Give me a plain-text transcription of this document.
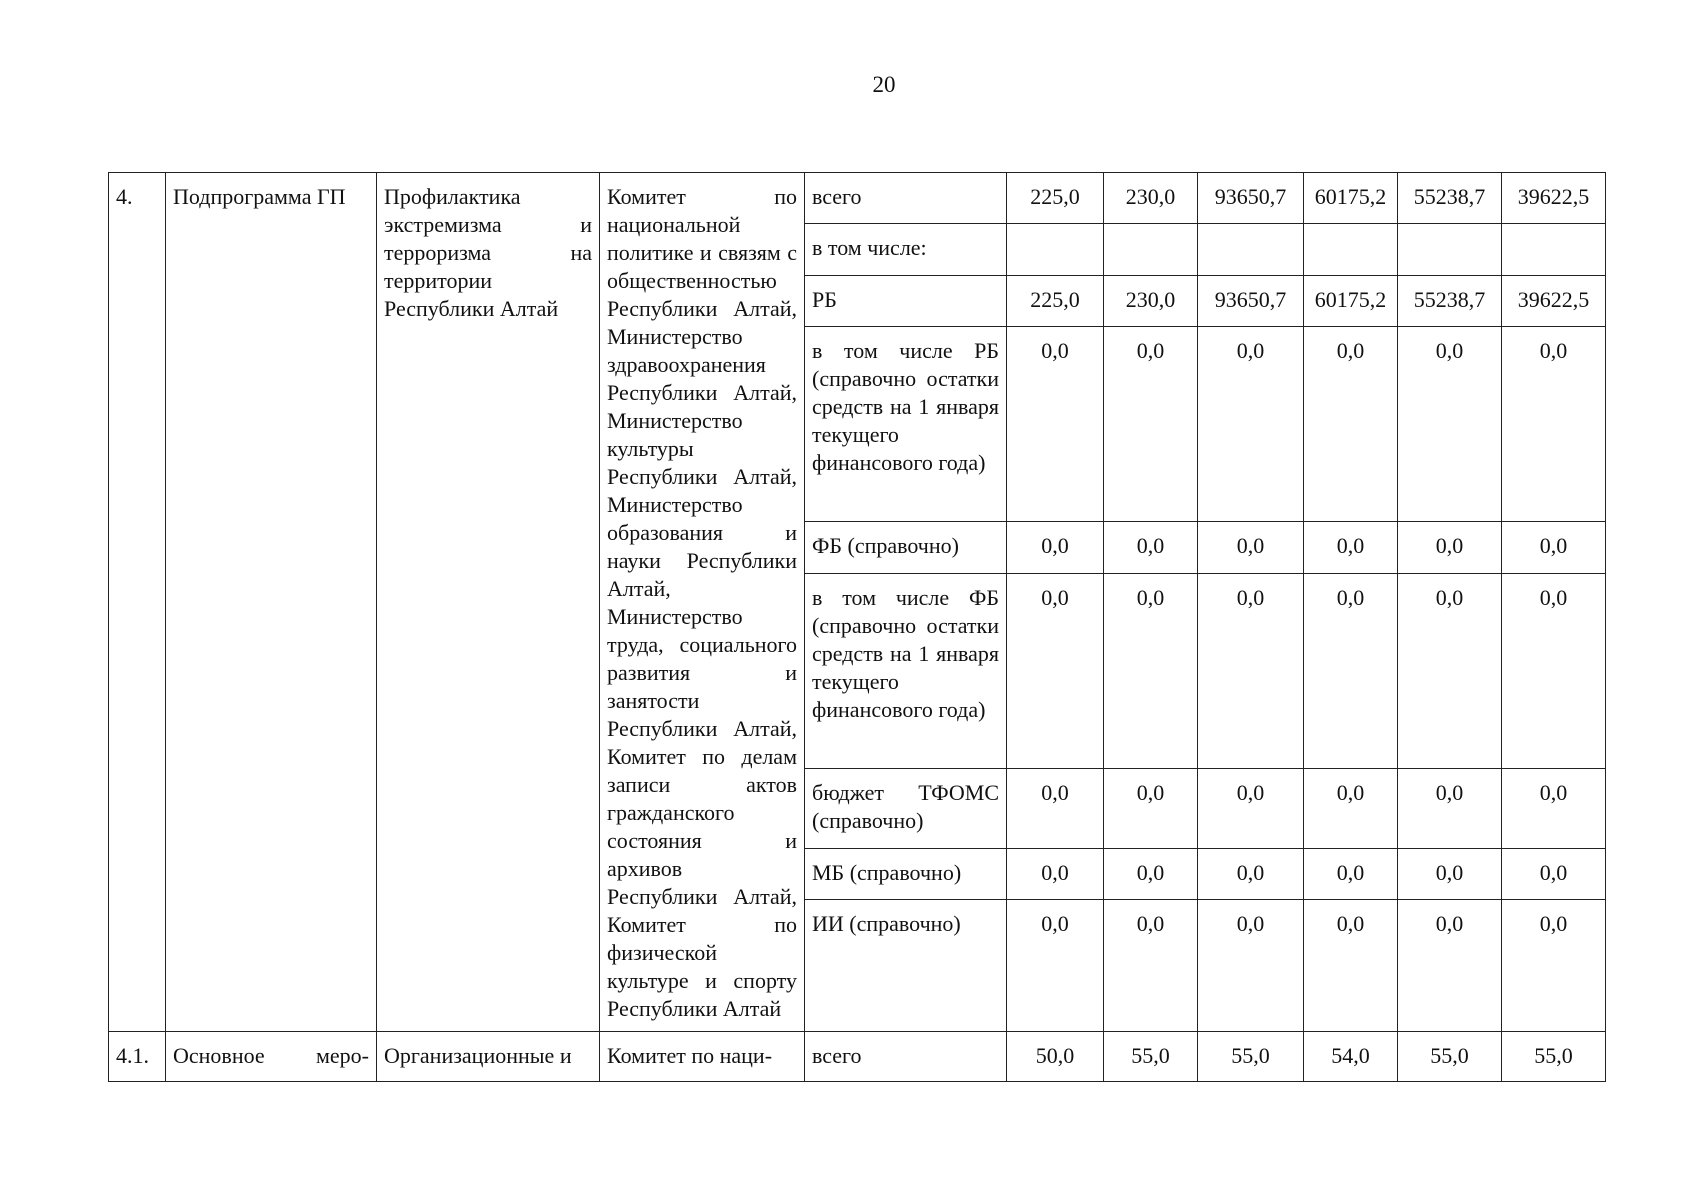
20
4.	Подпрограмма ГП	Профилактика экстремизма и терроризма на территории Республики Алтай	Комитет по национальной политике и связям с общественностью Республики Алтай, Министерство здравоохранения Республики Алтай, Министерство культуры Республики Алтай, Министерство образования и науки Республики Алтай, Министерство труда, социального развития и занятости Республики Алтай, Комитет по делам записи актов гражданского состояния и архивов Республики Алтай, Комитет по физической культуре и спорту Республики Алтай	всего	225,0	230,0	93650,7	60175,2	55238,7	39622,5
				в том числе:						
				РБ	225,0	230,0	93650,7	60175,2	55238,7	39622,5
				в том числе РБ (справочно остатки средств на 1 января текущего финансового года)	0,0	0,0	0,0	0,0	0,0	0,0
				ФБ (справочно)	0,0	0,0	0,0	0,0	0,0	0,0
				в том числе ФБ (справочно остатки средств на 1 января текущего финансового года)	0,0	0,0	0,0	0,0	0,0	0,0
				бюджет ТФОМС (справочно)	0,0	0,0	0,0	0,0	0,0	0,0
				МБ (справочно)	0,0	0,0	0,0	0,0	0,0	0,0
				ИИ (справочно)	0,0	0,0	0,0	0,0	0,0	0,0
4.1.	Основное меро-	Организационные и	Комитет по наци-	всего	50,0	55,0	55,0	54,0	55,0	55,0
